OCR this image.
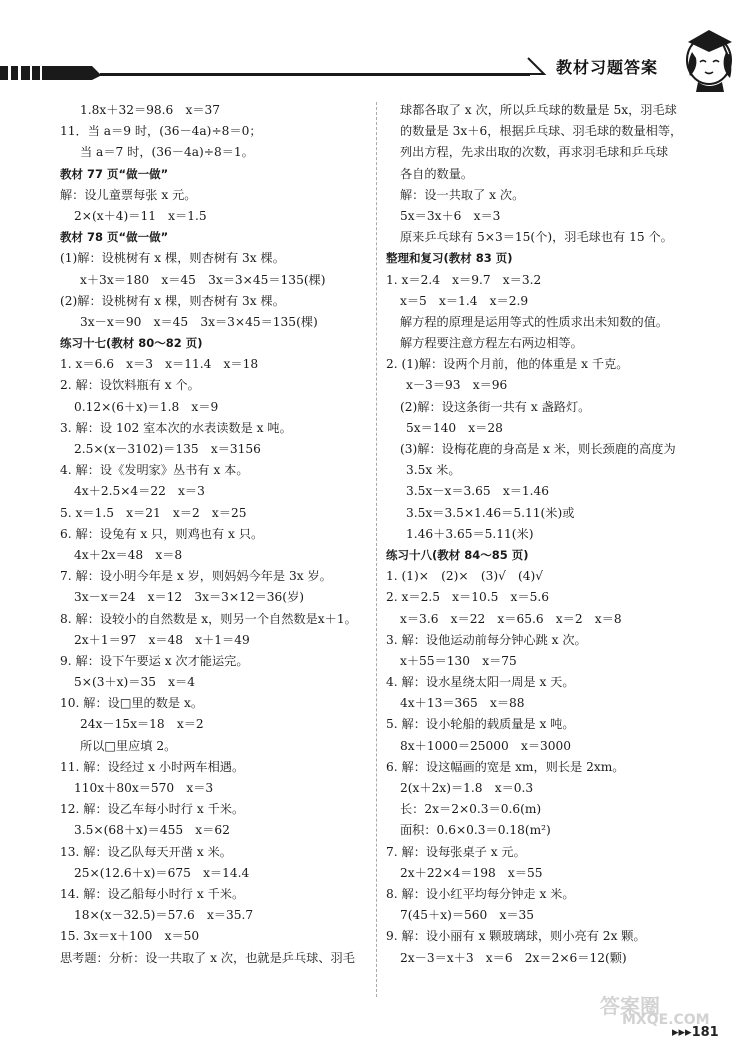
教材习题答案
1.8x＋32＝98.6　x＝37
11．当 a＝9 时，(36－4a)÷8＝0；
当 a＝7 时，(36－4a)÷8＝1。
教材 77 页“做一做”
解：设儿童票每张 x 元。
2×(x＋4)＝11　x＝1.5
教材 78 页“做一做”
(1)解：设桃树有 x 棵，则杏树有 3x 棵。
x＋3x＝180　x＝45　3x＝3×45＝135(棵)
(2)解：设桃树有 x 棵，则杏树有 3x 棵。
3x－x＝90　x＝45　3x＝3×45＝135(棵)
练习十七(教材 80～82 页)
1. x＝6.6　x＝3　x＝11.4　x＝18
2. 解：设饮料瓶有 x 个。
0.12×(6＋x)＝1.8　x＝9
3. 解：设 102 室本次的水表读数是 x 吨。
2.5×(x－3102)＝135　x＝3156
4. 解：设《发明家》丛书有 x 本。
4x＋2.5×4＝22　x＝3
5. x＝1.5　x＝21　x＝2　x＝25
6. 解：设兔有 x 只，则鸡也有 x 只。
4x＋2x＝48　x＝8
7. 解：设小明今年是 x 岁，则妈妈今年是 3x 岁。
3x－x＝24　x＝12　3x＝3×12＝36(岁)
8. 解：设较小的自然数是 x，则另一个自然数是x＋1。
2x＋1＝97　x＝48　x＋1＝49
9. 解：设下午要运 x 次才能运完。
5×(3＋x)＝35　x＝4
10. 解：设□里的数是 x。
24x－15x＝18　x＝2
所以□里应填 2。
11. 解：设经过 x 小时两车相遇。
110x＋80x＝570　x＝3
12. 解：设乙车每小时行 x 千米。
3.5×(68＋x)＝455　x＝62
13. 解：设乙队每天开凿 x 米。
25×(12.6＋x)＝675　x＝14.4
14. 解：设乙船每小时行 x 千米。
18×(x－32.5)＝57.6　x＝35.7
15. 3x＝x＋100　x＝50
思考题：分析：设一共取了 x 次，也就是乒乓球、羽毛
球都各取了 x 次，所以乒乓球的数量是 5x，羽毛球
的数量是 3x＋6，根据乒乓球、羽毛球的数量相等，
列出方程，先求出取的次数，再求羽毛球和乒乓球
各自的数量。
解：设一共取了 x 次。
5x＝3x＋6　x＝3
原来乒乓球有 5×3＝15(个)，羽毛球也有 15 个。
整理和复习(教材 83 页)
1. x＝2.4　x＝9.7　x＝3.2
x＝5　x＝1.4　x＝2.9
解方程的原理是运用等式的性质求出未知数的值。
解方程要注意方程左右两边相等。
2. (1)解：设两个月前，他的体重是 x 千克。
x－3＝93　x＝96
(2)解：设这条街一共有 x 盏路灯。
5x＝140　x＝28
(3)解：设梅花鹿的身高是 x 米，则长颈鹿的高度为
3.5x 米。
3.5x－x＝3.65　x＝1.46
3.5x＝3.5×1.46＝5.11(米)或
1.46＋3.65＝5.11(米)
练习十八(教材 84～85 页)
1. (1)×　(2)×　(3)√　(4)√
2. x＝2.5　x＝10.5　x＝5.6
x＝3.6　x＝22　x＝65.6　x＝2　x＝8
3. 解：设他运动前每分钟心跳 x 次。
x＋55＝130　x＝75
4. 解：设水星绕太阳一周是 x 天。
4x＋13＝365　x＝88
5. 解：设小轮船的载质量是 x 吨。
8x＋1000＝25000　x＝3000
6. 解：设这幅画的宽是 xm，则长是 2xm。
2(x＋2x)＝1.8　x＝0.3
长：2x＝2×0.3＝0.6(m)
面积：0.6×0.3＝0.18(m²)
7. 解：设每张桌子 x 元。
2x＋22×4＝198　x＝55
8. 解：设小红平均每分钟走 x 米。
7(45＋x)＝560　x＝35
9. 解：设小丽有 x 颗玻璃球，则小亮有 2x 颗。
2x－3＝x＋3　x＝6　2x＝2×6＝12(颗)
答案圈
MXQE.COM
▸▸▸181
